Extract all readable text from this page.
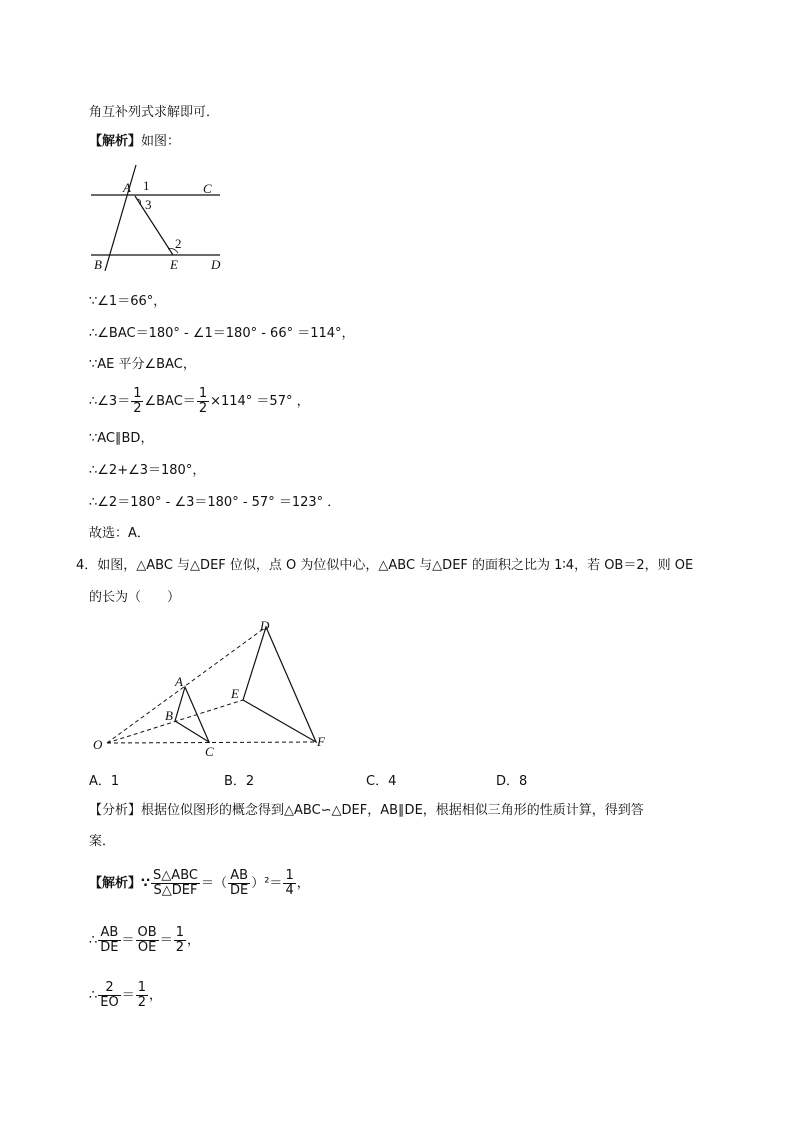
角互补列式求解即可．
【解析】如图：
A 1	C
3
2
B	E	D
∵∠1＝66°，
∴∠BAC＝180° - ∠1＝180° - 66° ＝114°，
∵AE 平分∠BAC，
∴∠3＝ $\frac{1}{2}$ ∠BAC＝ $\frac{1}{2} \times 114^\circ =57^\circ$ ，
∵AC∥BD，
∴∠2+∠3＝180°，
∴∠2＝180° - ∠3＝180° - 57° ＝123° ．
故选：A．
4．如图，△ABC 与△DEF 位似，点 O 为位似中心，△ABC 与△DEF 的面积之比为 1∶4，若 OB＝2，则 OE
的长为（　　）
D
A
E
B
O	C
F
A．1	B．2	C．4	D．8
【分析】根据位似图形的概念得到△ABC∽△DEF，AB∥DE，根据相似三角形的性质计算，得到答
案．
【解析】∵
S△ABC
S△DEF ＝（ $\frac{AB}{DE} )^2= \frac{1}{4}$ ，
∴ $\frac{AB}{DE} = \frac{OB}{OE} = \frac{1}{2}$ ，
∴ $\frac{2}{EO} = \frac{1}{2}$ ，
